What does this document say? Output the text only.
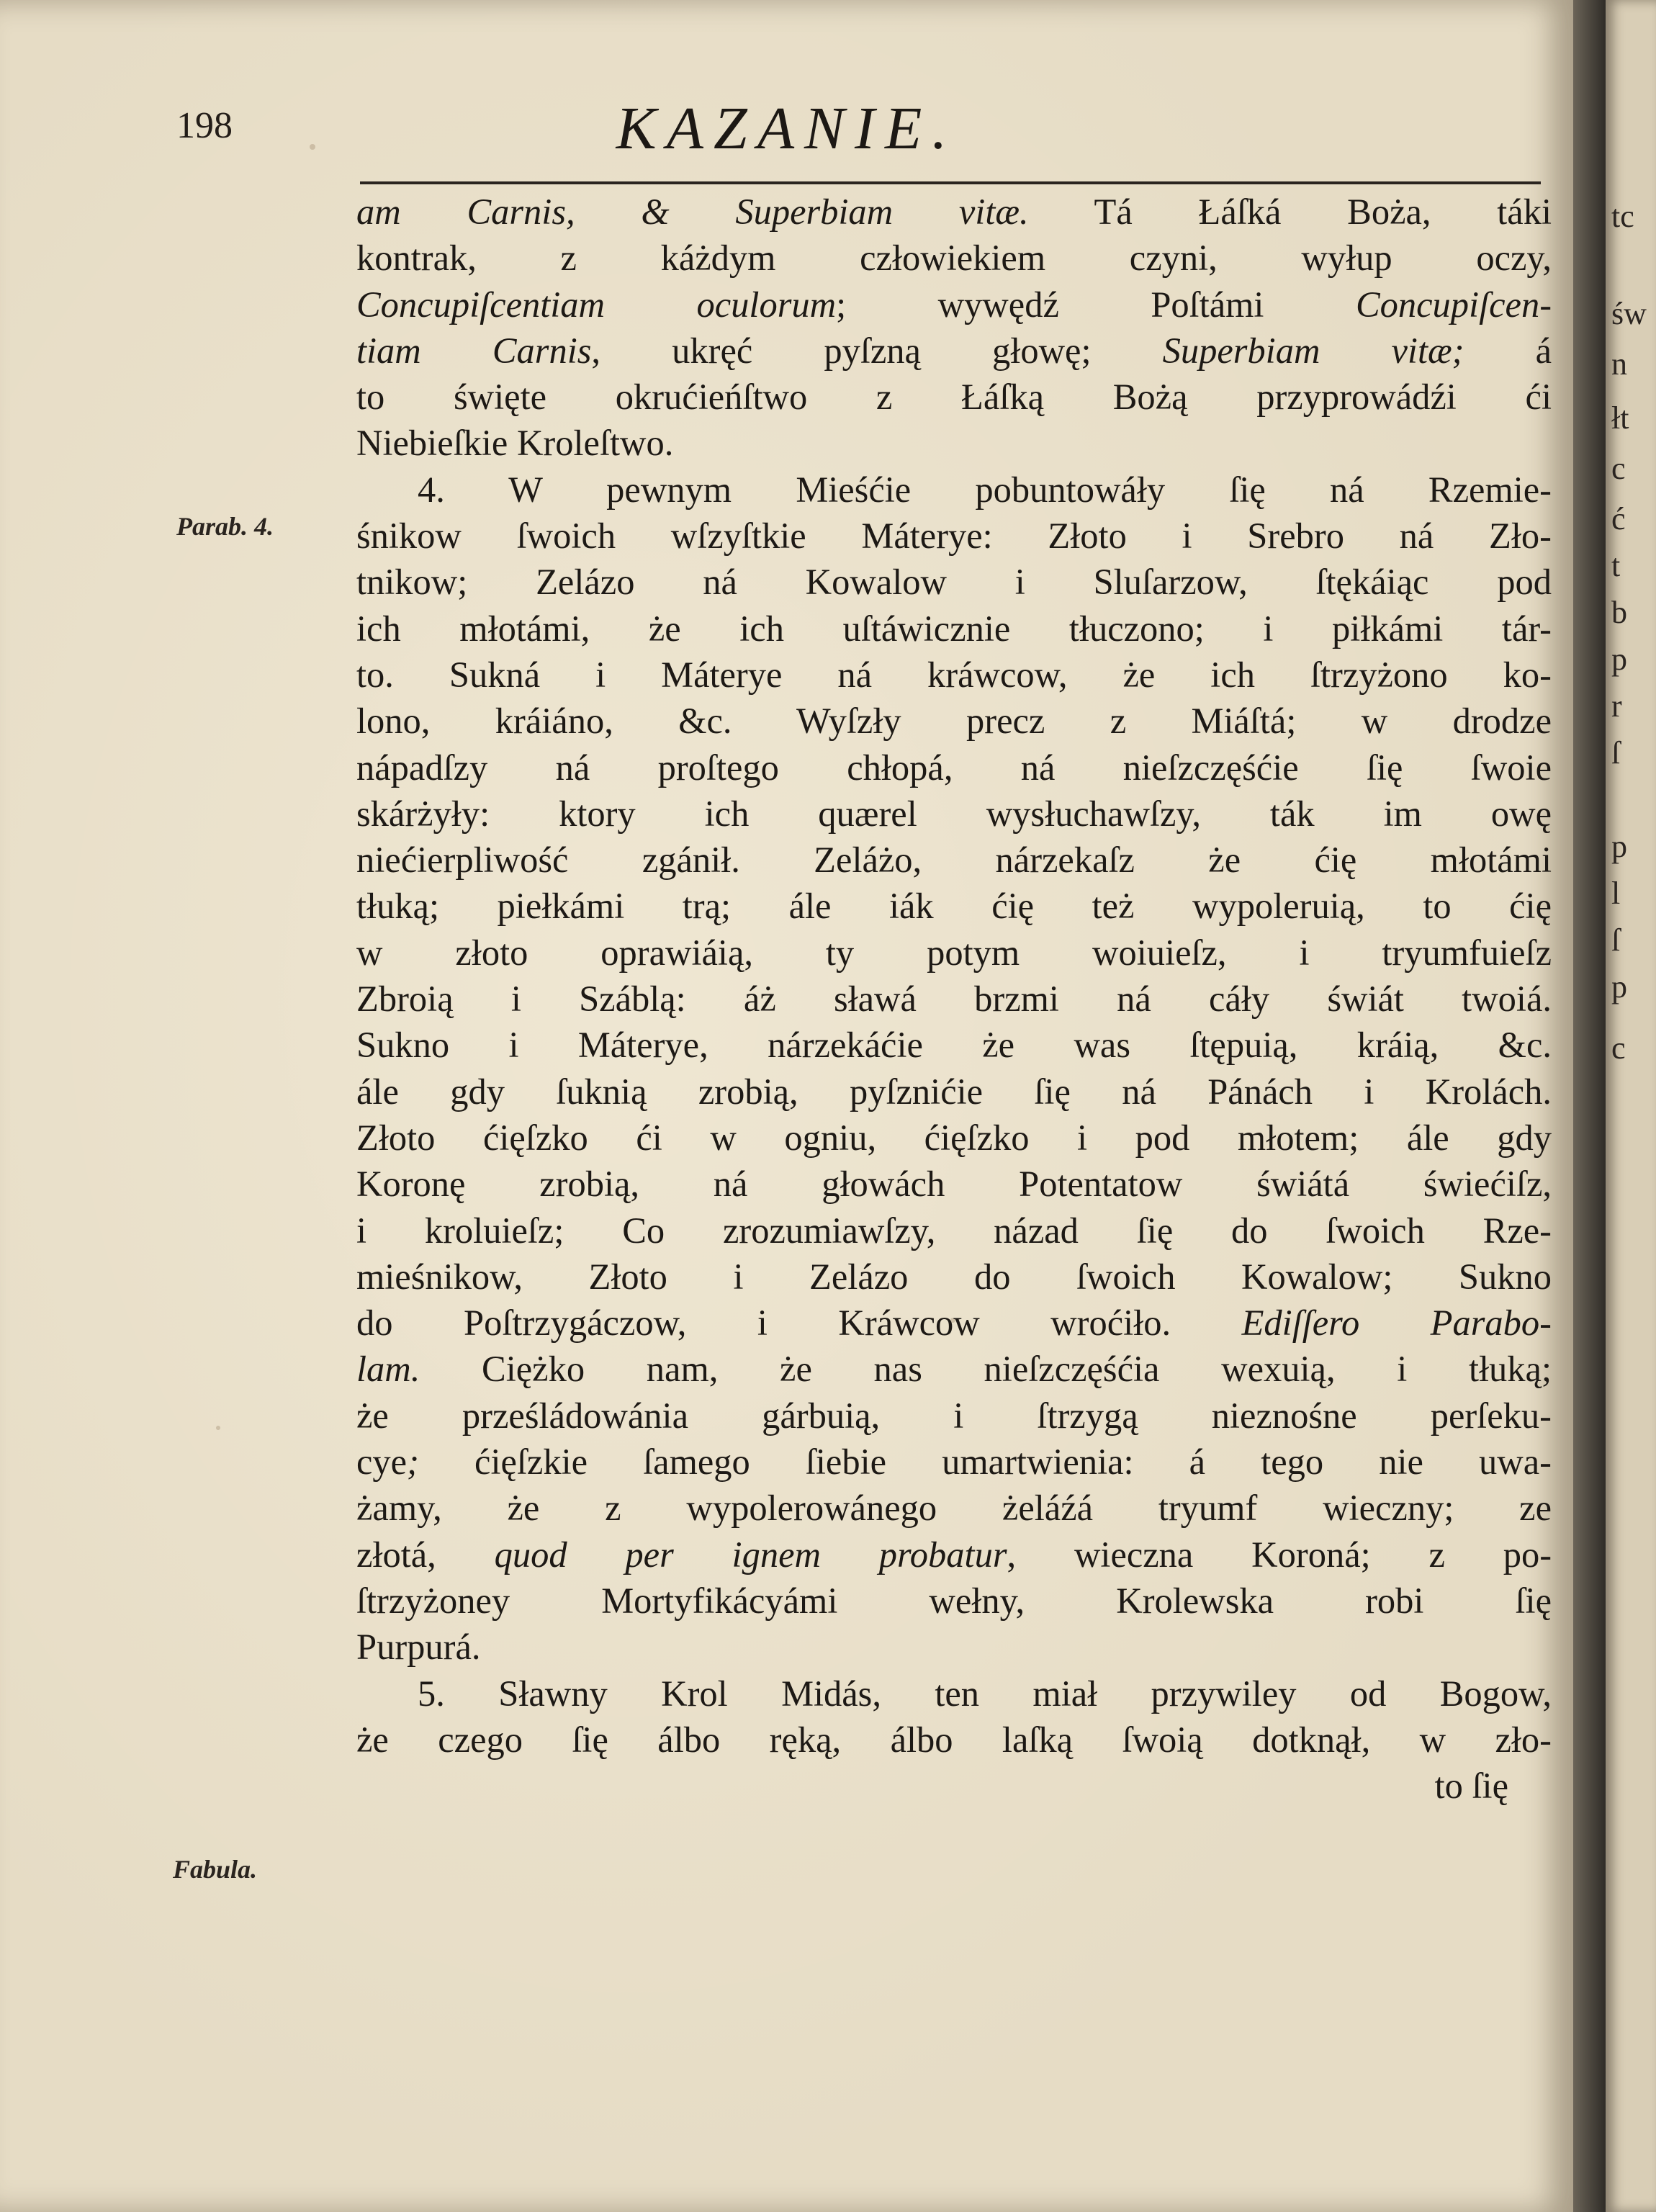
198	KAZANIE.
Parab. 4.
Fabula.
am Carnis, & Superbiam vitæ. Tá Łáſká Boża, táki
kontrak, z káżdym człowiekiem czyni, wyłup oczy,
Concupiſcentiam oculorum; wywędź Poſtámi Concupiſcen-
tiam Carnis, ukręć pyſzną głowę; Superbiam vitæ; á
to święte okrućieńſtwo z Łáſką Bożą przyprowádźi ći
Niebieſkie Kroleſtwo.
4. W pewnym Mieśćie pobuntowáły ſię ná Rzemie-
śnikow ſwoich wſzyſtkie Máterye: Złoto i Srebro ná Zło-
tnikow; Zelázo ná Kowalow i Sluſarzow, ſtękáiąc pod
ich młotámi, że ich uſtáwicznie tłuczono; i piłkámi tár-
to. Sukná i Máterye ná kráwcow, że ich ſtrzyżono ko-
lono, kráiáno, &c. Wyſzły precz z Miáſtá; w drodze
nápadſzy ná proſtego chłopá, ná nieſzczęśćie ſię ſwoie
skárżyły: ktory ich quærel wysłuchawſzy, ták im owę
niećierpliwość zgánił. Zeláżo, nárzekaſz że ćię młotámi
tłuką; piełkámi trą; ále iák ćię też wypoleruią, to ćię
w złoto oprawiáią, ty potym woiuieſz, i tryumfuieſz
Zbroią i Száblą: áż sławá brzmi ná cáły świát twoiá.
Sukno i Máterye, nárzekáćie że was ſtępuią, kráią, &c.
ále gdy ſuknią zrobią, pyſznićie ſię ná Pánách i Krolách.
Złoto ćięſzko ći w ogniu, ćięſzko i pod młotem; ále gdy
Koronę zrobią, ná głowách Potentatow świátá świećiſz,
i kroluieſz; Co zrozumiawſzy, názad ſię do ſwoich Rze-
mieśnikow, Złoto i Zelázo do ſwoich Kowalow; Sukno
do Poſtrzygáczow, i Kráwcow wroćiło. Ediſſero Parabo-
lam. Ciężko nam, że nas nieſzczęśćia wexuią, i tłuką;
że prześládowánia gárbuią, i ſtrzygą nieznośne perſeku-
cye; ćięſzkie ſamego ſiebie umartwienia: á tego nie uwa-
żamy, że z wypolerowánego żeláźá tryumf wieczny; ze
złotá, quod per ignem probatur, wieczna Koroná; z po-
ſtrzyżoney Mortyfikácyámi wełny, Krolewska robi ſię
Purpurá.
5. Sławny Krol Midás, ten miał przywiley od Bogow,
że czego ſię álbo ręką, álbo laſką ſwoią dotknął, w zło-
to ſię
tc
św
n
łt
c
ć
t
b
p
r
ſ
p
l
ſ
p
c
